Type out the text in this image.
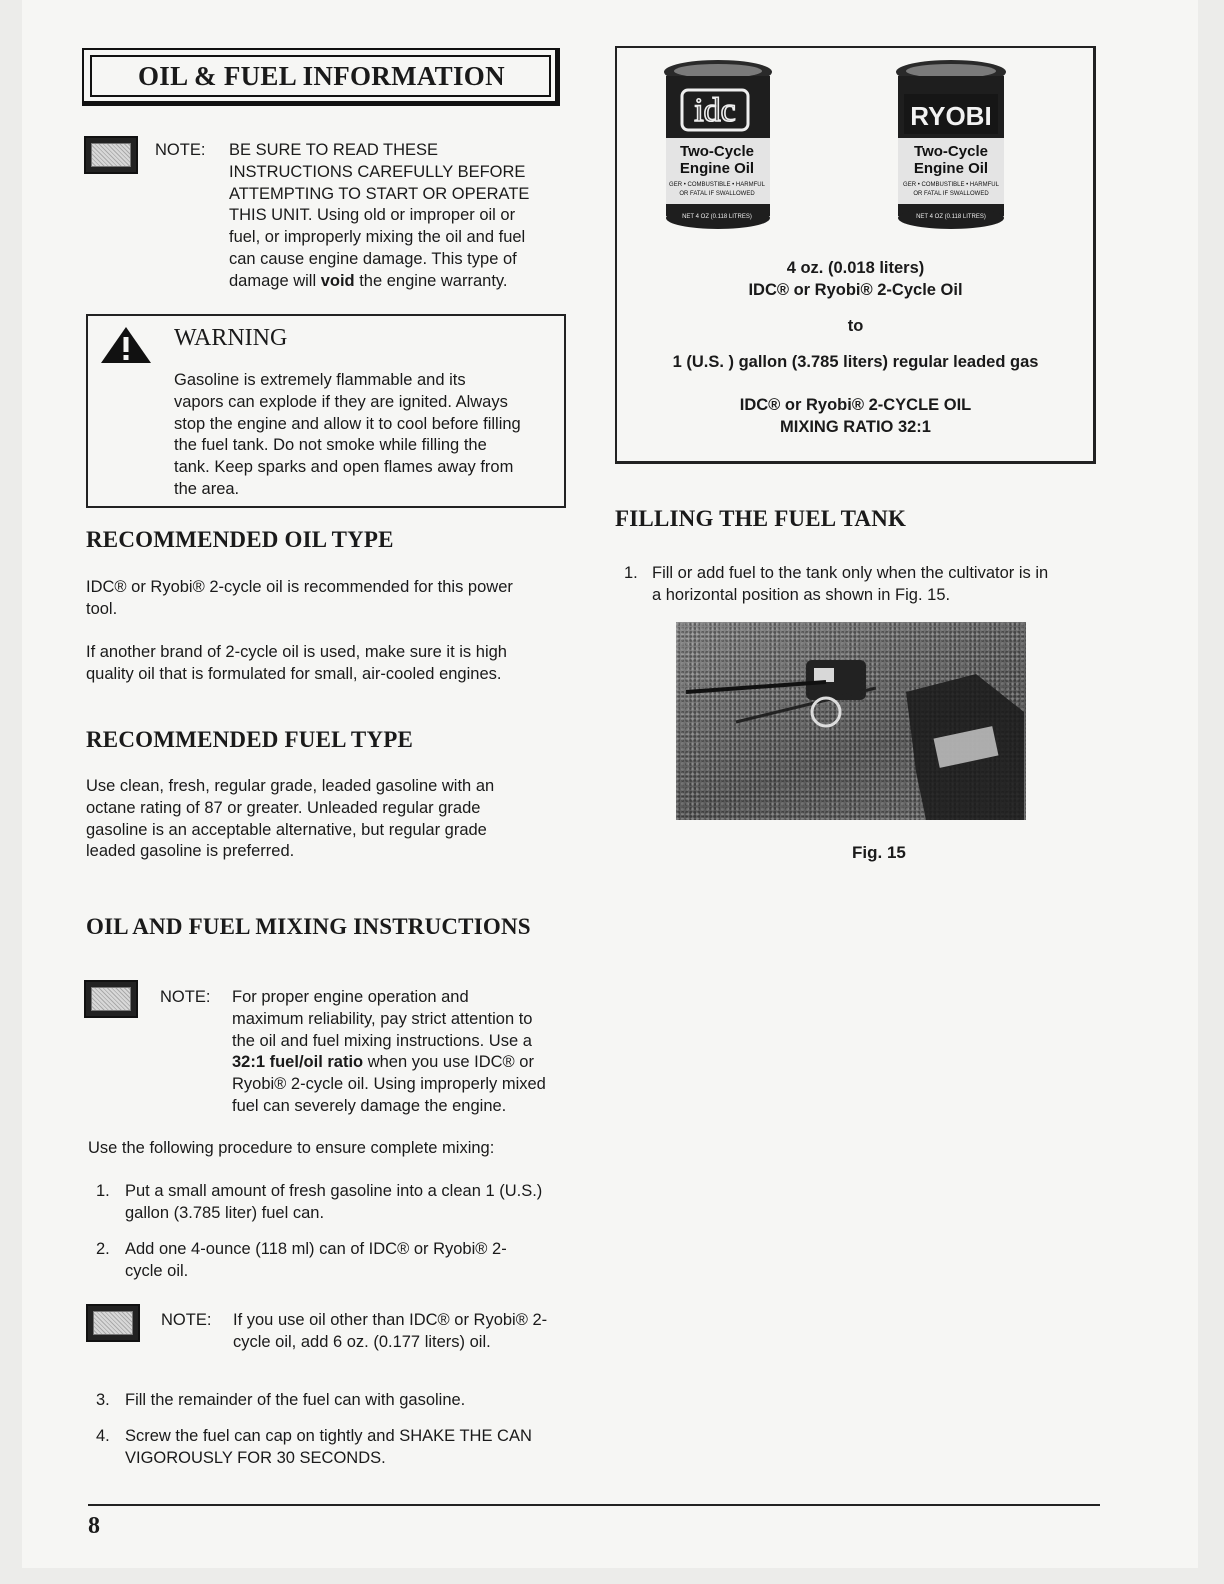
OIL & FUEL INFORMATION
NOTE: BE SURE TO READ THESE
INSTRUCTIONS CAREFULLY BEFORE
ATTEMPTING TO START OR OPERATE
THIS UNIT. Using old or improper oil or
fuel, or improperly mixing the oil and fuel
can cause engine damage. This type of
damage will void the engine warranty.
WARNING
Gasoline is extremely flammable and its
vapors can explode if they are ignited. Always
stop the engine and allow it to cool before filling
the fuel tank. Do not smoke while filling the
tank. Keep sparks and open flames away from
the area.
RECOMMENDED OIL TYPE
IDC® or Ryobi® 2-cycle oil is recommended for this power
tool.
If another brand of 2-cycle oil is used, make sure it is high
quality oil that is formulated for small, air-cooled engines.
RECOMMENDED FUEL TYPE
Use clean, fresh, regular grade, leaded gasoline with an
octane rating of 87 or greater. Unleaded regular grade
gasoline is an acceptable alternative, but regular grade
leaded gasoline is preferred.
OIL AND FUEL MIXING INSTRUCTIONS
NOTE: For proper engine operation and
maximum reliability, pay strict attention to
the oil and fuel mixing instructions. Use a
32:1 fuel/oil ratio when you use IDC® or
Ryobi® 2-cycle oil. Using improperly mixed
fuel can severely damage the engine.
Use the following procedure to ensure complete mixing:
1. Put a small amount of fresh gasoline into a clean 1 (U.S.)
gallon (3.785 liter) fuel can.
2. Add one 4-ounce (118 ml) can of IDC® or Ryobi® 2-
cycle oil.
NOTE: If you use oil other than IDC® or Ryobi® 2-
cycle oil, add 6 oz. (0.177 liters) oil.
3. Fill the remainder of the fuel can with gasoline.
4. Screw the fuel can cap on tightly and SHAKE THE CAN
VIGOROUSLY FOR 30 SECONDS.
idc
Two-Cycle
Engine Oil
GER • COMBUSTIBLE • HARMFUL
OR FATAL IF SWALLOWED
NET 4 OZ (0.118 LITRES)
RYOBI
Two-Cycle
Engine Oil
GER • COMBUSTIBLE • HARMFUL
OR FATAL IF SWALLOWED
NET 4 OZ (0.118 LITRES)
4 oz. (0.018 liters)
IDC® or Ryobi® 2-Cycle Oil
to
1 (U.S. ) gallon (3.785 liters) regular leaded gas
IDC® or Ryobi® 2-CYCLE OIL
MIXING RATIO 32:1
FILLING THE FUEL TANK
1. Fill or add fuel to the tank only when the cultivator is in
a horizontal position as shown in Fig. 15.
Fig. 15
8
